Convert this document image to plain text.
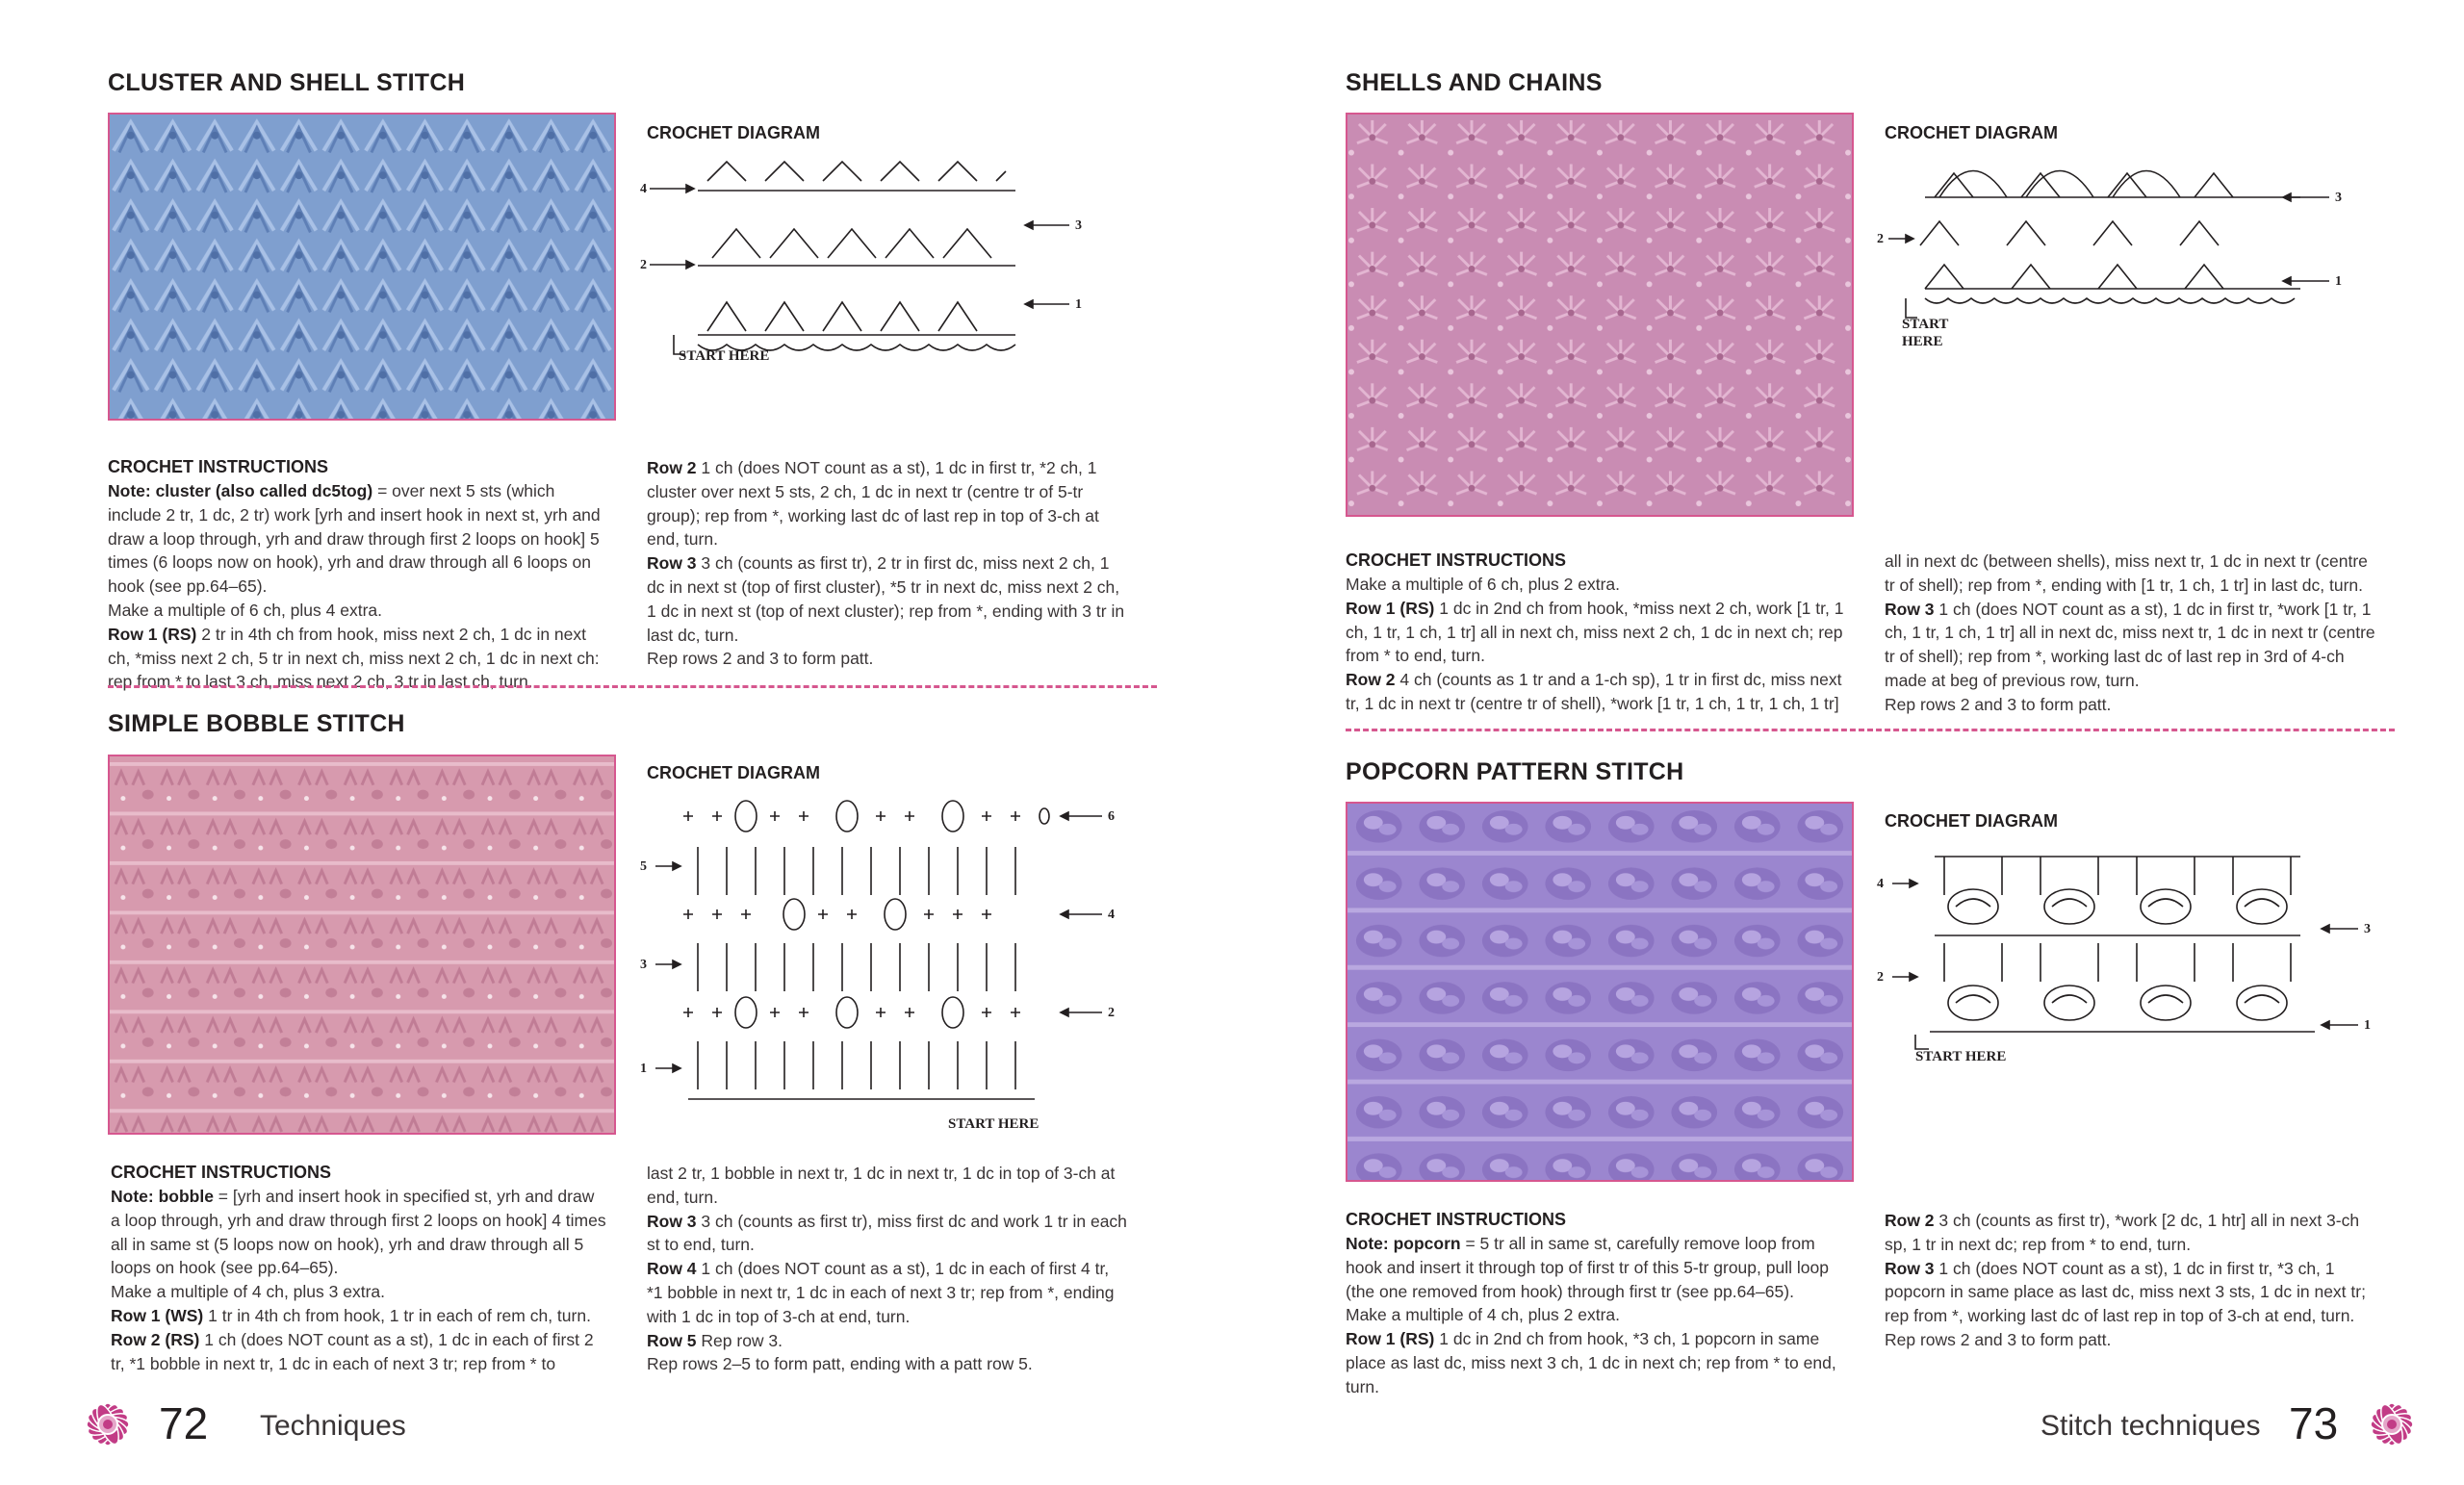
CLUSTER AND SHELL STITCH
CROCHET DIAGRAM
4
2
3
1
START HERE
CROCHET INSTRUCTIONS

Note: cluster (also called dc5tog) = over next 5 sts (which include 2 tr, 1 dc, 2 tr) work [yrh and insert hook in next st, yrh and draw a loop through, yrh and draw through first 2 loops on hook] 5 times (6 loops now on hook), yrh and draw through all 6 loops on hook (see pp.64–65).

Make a multiple of 6 ch, plus 4 extra.

Row 1 (RS) 2 tr in 4th ch from hook, miss next 2 ch, 1 dc in next ch, *miss next 2 ch, 5 tr in next ch, miss next 2 ch, 1 dc in next ch: rep from * to last 3 ch, miss next 2 ch, 3 tr in last ch, turn.

Row 2 1 ch (does NOT count as a st), 1 dc in first tr, *2 ch, 1 cluster over next 5 sts, 2 ch, 1 dc in next tr (centre tr of 5-tr group); rep from *, working last dc of last rep in top of 3-ch at end, turn.

Row 3 3 ch (counts as first tr), 2 tr in first dc, miss next 2 ch, 1 dc in next st (top of first cluster), *5 tr in next dc, miss next 2 ch, 1 dc in next st (top of next cluster); rep from *, ending with 3 tr in last dc, turn.

Rep rows 2 and 3 to form patt.

SIMPLE BOBBLE STITCH
CROCHET DIAGRAM
5
3
1
6
4
2
START HERE
CROCHET INSTRUCTIONS

Note: bobble = [yrh and insert hook in specified st, yrh and draw a loop through, yrh and draw through first 2 loops on hook] 4 times all in same st (5 loops now on hook), yrh and draw through all 5 loops on hook (see pp.64–65).

Make a multiple of 4 ch, plus 3 extra.

Row 1 (WS) 1 tr in 4th ch from hook, 1 tr in each of rem ch, turn.

Row 2 (RS) 1 ch (does NOT count as a st), 1 dc in each of first 2 tr, *1 bobble in next tr, 1 dc in each of next 3 tr; rep from * to

last 2 tr, 1 bobble in next tr, 1 dc in next tr, 1 dc in top of 3-ch at end, turn.

Row 3 3 ch (counts as first tr), miss first dc and work 1 tr in each st to end, turn.

Row 4 1 ch (does NOT count as a st), 1 dc in each of first 4 tr, *1 bobble in next tr, 1 dc in each of next 3 tr; rep from *, ending with 1 dc in top of 3-ch at end, turn.

Row 5 Rep row 3.

Rep rows 2–5 to form patt, ending with a patt row 5.

72 Techniques
SHELLS AND CHAINS
CROCHET DIAGRAM
2
3
1
START HERE
CROCHET INSTRUCTIONS

Make a multiple of 6 ch, plus 2 extra.

Row 1 (RS) 1 dc in 2nd ch from hook, *miss next 2 ch, work [1 tr, 1 ch, 1 tr, 1 ch, 1 tr] all in next ch, miss next 2 ch, 1 dc in next ch; rep from * to end, turn.

Row 2 4 ch (counts as 1 tr and a 1-ch sp), 1 tr in first dc, miss next tr, 1 dc in next tr (centre tr of shell), *work [1 tr, 1 ch, 1 tr, 1 ch, 1 tr]

all in next dc (between shells), miss next tr, 1 dc in next tr (centre tr of shell); rep from *, ending with [1 tr, 1 ch, 1 tr] in last dc, turn.

Row 3 1 ch (does NOT count as a st), 1 dc in first tr, *work [1 tr, 1 ch, 1 tr, 1 ch, 1 tr] all in next dc, miss next tr, 1 dc in next tr (centre tr of shell); rep from *, working last dc of last rep in 3rd of 4-ch made at beg of previous row, turn.

Rep rows 2 and 3 to form patt.

POPCORN PATTERN STITCH
CROCHET DIAGRAM
4
2
3
1
START HERE
CROCHET INSTRUCTIONS

Note: popcorn = 5 tr all in same st, carefully remove loop from hook and insert it through top of first tr of this 5-tr group, pull loop (the one removed from hook) through first tr (see pp.64–65).

Make a multiple of 4 ch, plus 2 extra.

Row 1 (RS) 1 dc in 2nd ch from hook, *3 ch, 1 popcorn in same place as last dc, miss next 3 ch, 1 dc in next ch; rep from * to end, turn.

Row 2 3 ch (counts as first tr), *work [2 dc, 1 htr] all in next 3-ch sp, 1 tr in next dc; rep from * to end, turn.

Row 3 1 ch (does NOT count as a st), 1 dc in first tr, *3 ch, 1 popcorn in same place as last dc, miss next 3 sts, 1 dc in next tr; rep from *, working last dc of last rep in top of 3-ch at end, turn.

Rep rows 2 and 3 to form patt.

Stitch techniques 73
